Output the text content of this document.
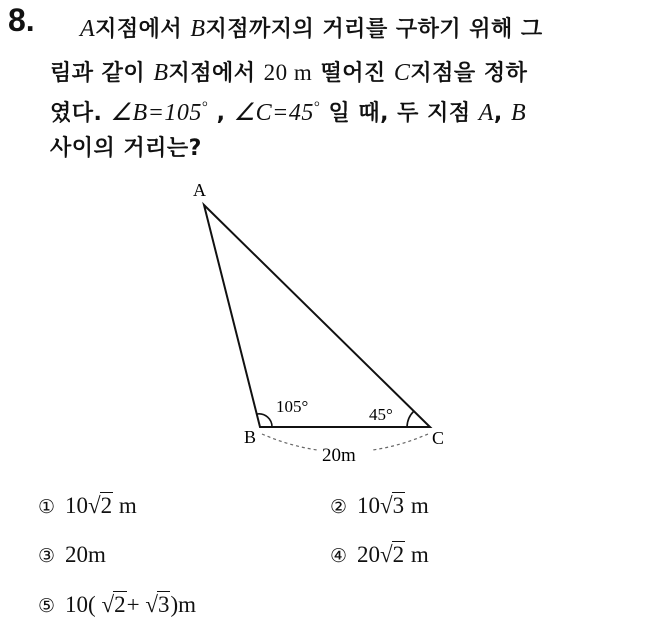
8. A지점에서 B지점까지의 거리를 구하기 위해 그
림과 같이 B지점에서 20 m 떨어진 C지점을 정하
였다. ∠B=105° , ∠C=45° 일 때, 두 지점 A, B
사이의 거리는?
A
B	C
105°	45°
20m
① 10√2 m	② 10√3 m
③ 20m	④ 20√2 m
⑤ 10( √2+ √3)m
